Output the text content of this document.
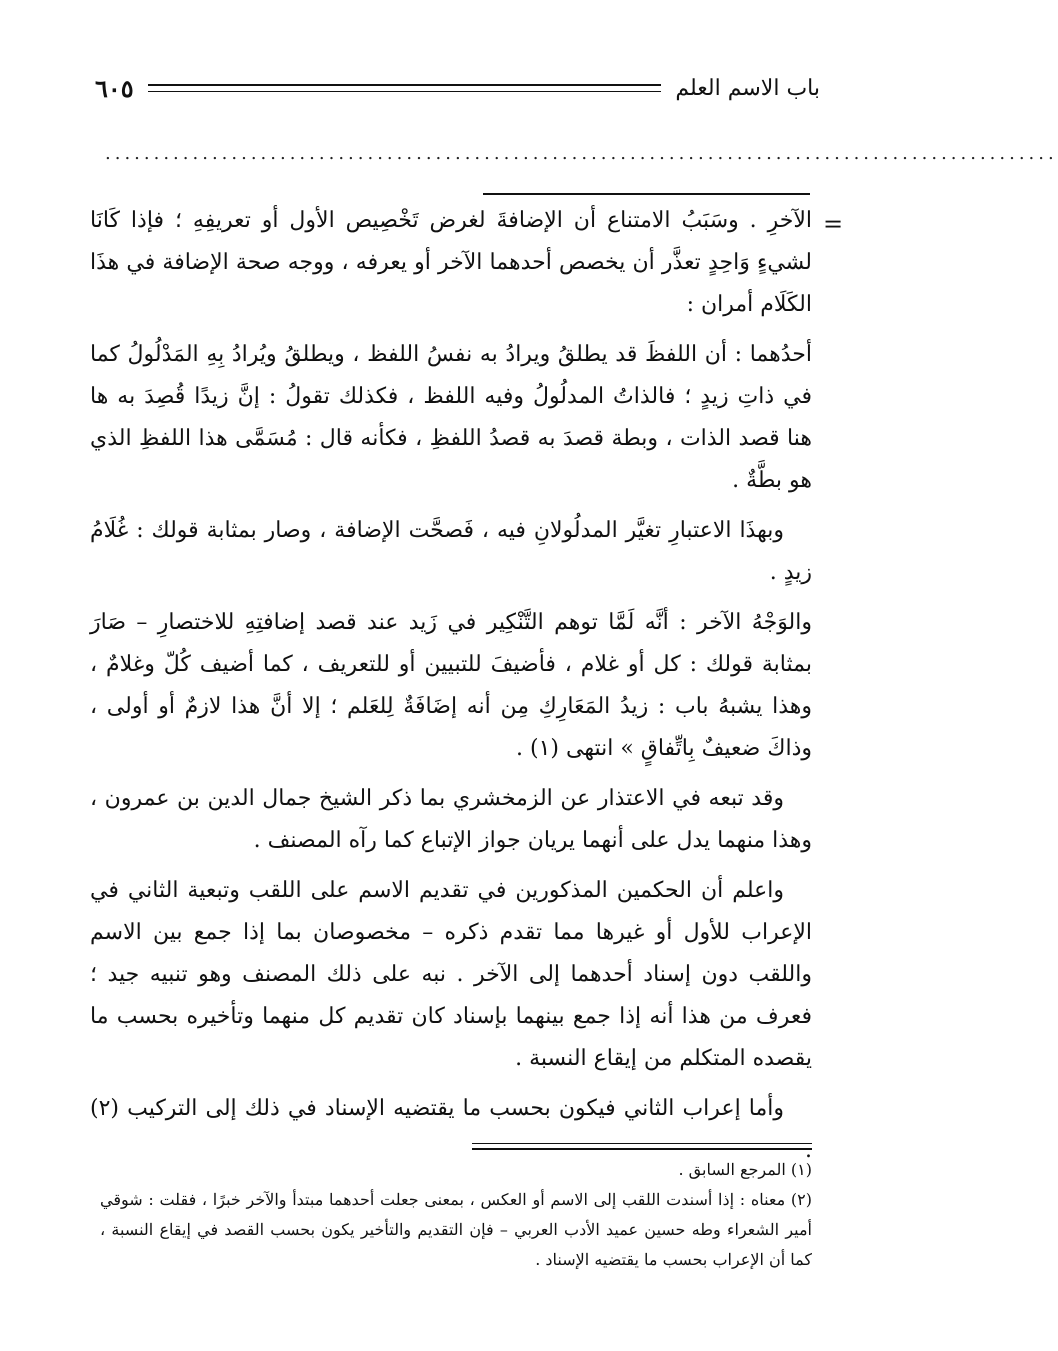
باب الاسم العلم
٦٠٥
..................................................................................................
=

الآخرِ . وسَبَبُ الامتناع أن الإضافةَ لغرض تَخْصِيص الأول أو تعريفِهِ ؛ فإذا كَانَا لشيءٍ وَاحِدٍ تعذَّر أن يخصص أحدهما الآخر أو يعرفه ، ووجه صحة الإضافة في هذَا الكَلَام أمران :

أحدُهما : أن اللفظَ قد يطلقُ ويرادُ به نفسُ اللفظ ، ويطلقُ ويُرادُ بِهِ المَدْلُولُ كما في ذاتِ زيدٍ ؛ فالذاتُ المدلُولُ وفيه اللفظ ، فكذلك تقولُ : إنَّ زيدًا قُصِدَ به ها هنا قصد الذات ، وبطة قصدَ به قصدُ اللفظِ ، فكأنه قال : مُسَمَّى هذا اللفظِ الذي هو بطَّةٌ .

وبهذَا الاعتبارِ تغيَّر المدلُولانِ فيه ، فَصحَّت الإضافة ، وصار بمثابة قولك : غُلَامُ زيدٍ .

والوَجْهُ الآخر : أنَّه لَمَّا توهم التَّنْكِير في زَيد عند قصد إضافتِهِ للاختصارِ – صَارَ بمثابة قولك : كل أو غلام ، فأضيفَ للتبيين أو للتعريف ، كما أضيف كُلّ وغلامٌ ، وهذا يشبهُ باب : زيدُ المَعَارِكِ مِن أنه إضَافَةٌ لِلعَلم ؛ إلا أنَّ هذا لازمٌ أو أولى ، وذاكَ ضعيفٌ بِاتِّفاقٍ » انتهى (١) .

وقد تبعه في الاعتذار عن الزمخشري بما ذكر الشيخ جمال الدين بن عمرون ، وهذا منهما يدل على أنهما يريان جواز الإتباع كما رآه المصنف .

واعلم أن الحكمين المذكورين في تقديم الاسم على اللقب وتبعية الثاني في الإعراب للأول أو غيرها مما تقدم ذكره – مخصوصان بما إذا جمع بين الاسم واللقب دون إسناد أحدهما إلى الآخر . نبه على ذلك المصنف وهو تنبيه جيد ؛ فعرف من هذا أنه إذا جمع بينهما بإسناد كان تقديم كل منهما وتأخيره بحسب ما يقصده المتكلم من إيقاع النسبة .

وأما إعراب الثاني فيكون بحسب ما يقتضيه الإسناد في ذلك إلى التركيب (٢) .

(١) المرجع السابق .

(٢) معناه : إذا أسندت اللقب إلى الاسم أو العكس ، بمعنى جعلت أحدهما مبتدأ والآخر خبرًا ، فقلت : شوقي أمير الشعراء وطه حسين عميد الأدب العربي – فإن التقديم والتأخير يكون بحسب القصد في إيقاع النسبة ، كما أن الإعراب بحسب ما يقتضيه الإسناد .
